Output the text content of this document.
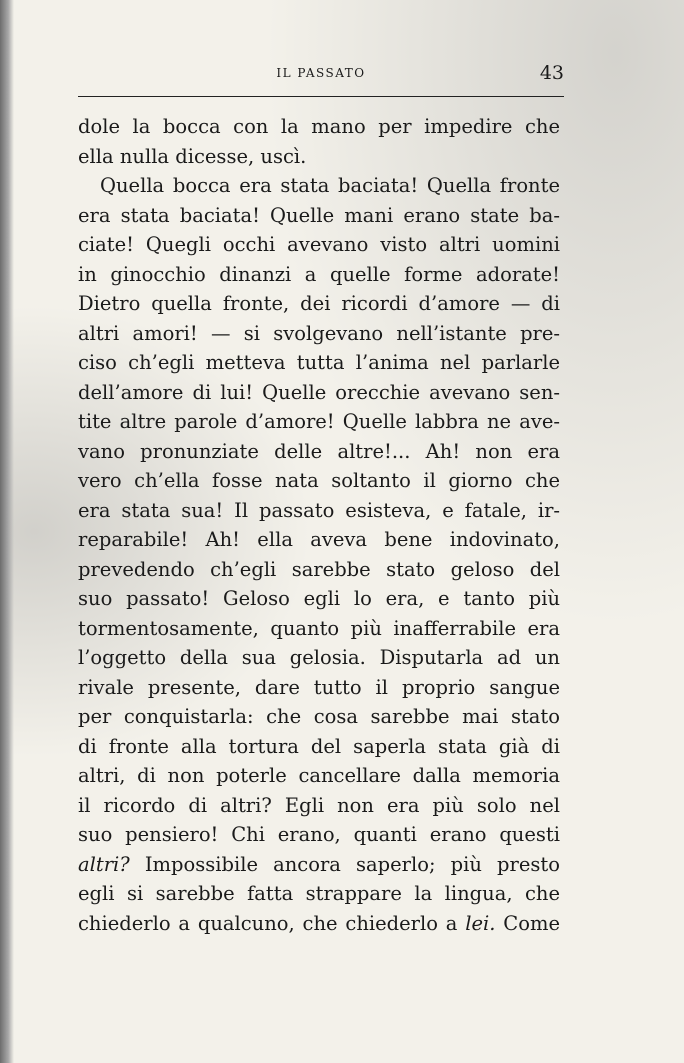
IL PASSATO	43
dole la bocca con la mano per impedire che
ella nulla dicesse, uscì.
Quella bocca era stata baciata! Quella fronte
era stata baciata! Quelle mani erano state ba-
ciate! Quegli occhi avevano visto altri uomini
in ginocchio dinanzi a quelle forme adorate!
Dietro quella fronte, dei ricordi d’amore — di
altri amori! — si svolgevano nell’istante pre-
ciso ch’egli metteva tutta l’anima nel parlarle
dell’amore di lui! Quelle orecchie avevano sen-
tite altre parole d’amore! Quelle labbra ne ave-
vano pronunziate delle altre!... Ah! non era
vero ch’ella fosse nata soltanto il giorno che
era stata sua! Il passato esisteva, e fatale, ir-
reparabile! Ah! ella aveva bene indovinato,
prevedendo ch’egli sarebbe stato geloso del
suo passato! Geloso egli lo era, e tanto più
tormentosamente, quanto più inafferrabile era
l’oggetto della sua gelosia. Disputarla ad un
rivale presente, dare tutto il proprio sangue
per conquistarla: che cosa sarebbe mai stato
di fronte alla tortura del saperla stata già di
altri, di non poterle cancellare dalla memoria
il ricordo di altri? Egli non era più solo nel
suo pensiero! Chi erano, quanti erano questi
altri? Impossibile ancora saperlo; più presto
egli si sarebbe fatta strappare la lingua, che
chiederlo a qualcuno, che chiederlo a lei. Come
